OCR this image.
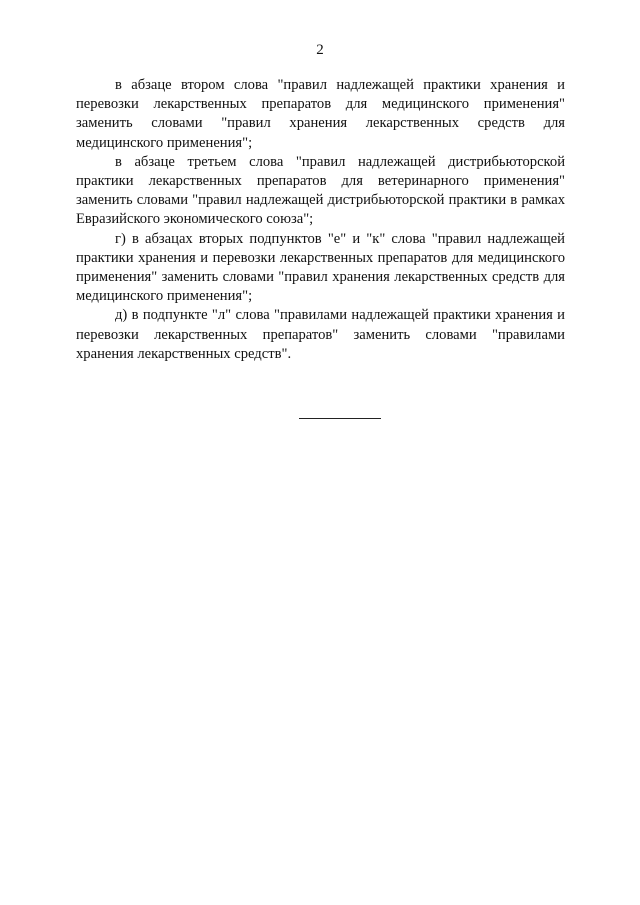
2

в абзаце втором слова "правил надлежащей практики хранения и перевозки лекарственных препаратов для медицинского применения" заменить словами "правил хранения лекарственных средств для медицинского применения";

в абзаце третьем слова "правил надлежащей дистрибьюторской практики лекарственных препаратов для ветеринарного применения" заменить словами "правил надлежащей дистрибьюторской практики в рамках Евразийского экономического союза";

г) в абзацах вторых подпунктов "е" и "к" слова "правил надлежащей практики хранения и перевозки лекарственных препаратов для медицинского применения" заменить словами "правил хранения лекарственных средств для медицинского применения";

д) в подпункте "л" слова "правилами надлежащей практики хранения и перевозки лекарственных препаратов" заменить словами "правилами хранения лекарственных средств".
